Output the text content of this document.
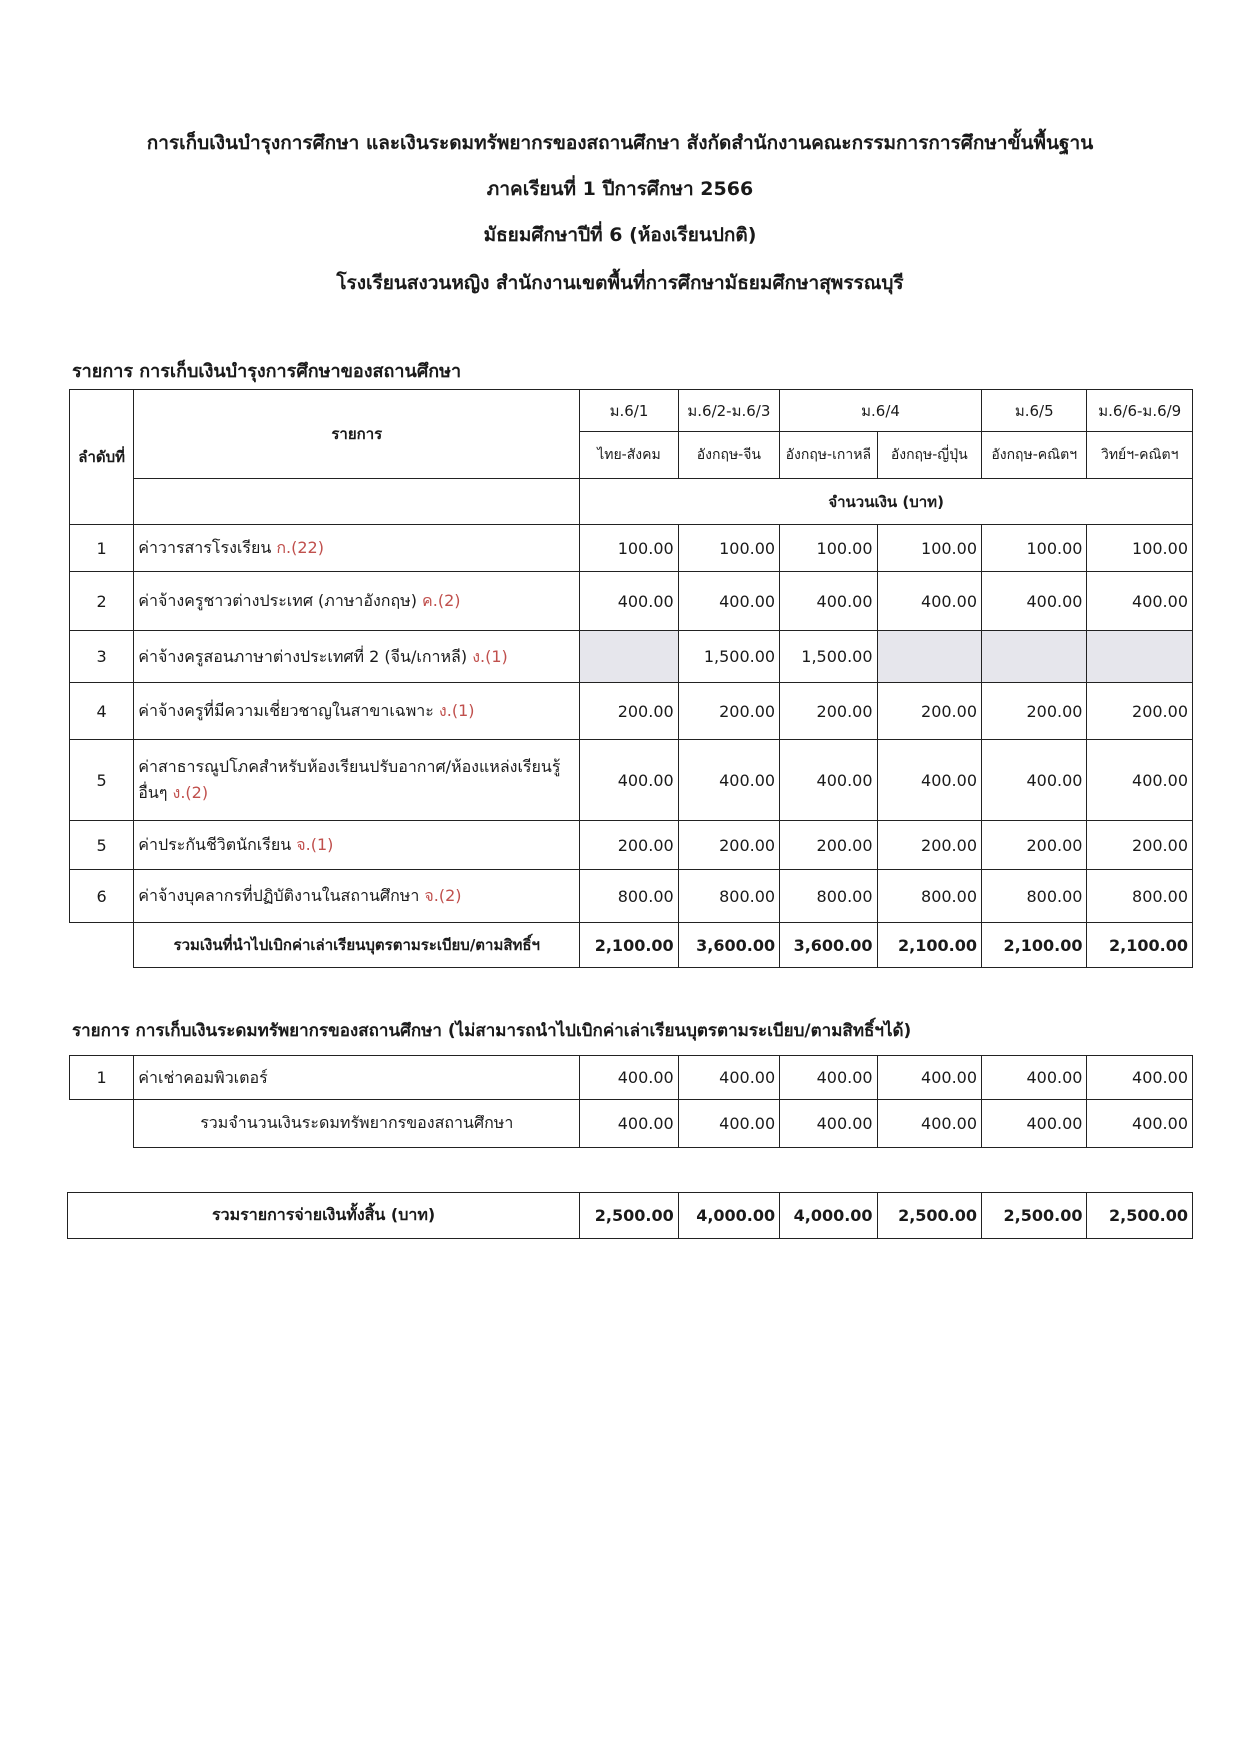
การเก็บเงินบำรุงการศึกษา และเงินระดมทรัพยากรของสถานศึกษา สังกัดสำนักงานคณะกรรมการการศึกษาขั้นพื้นฐาน
ภาคเรียนที่ 1 ปีการศึกษา 2566
มัธยมศึกษาปีที่ 6 (ห้องเรียนปกติ)
โรงเรียนสงวนหญิง สำนักงานเขตพื้นที่การศึกษามัธยมศึกษาสุพรรณบุรี
รายการ การเก็บเงินบำรุงการศึกษาของสถานศึกษา
ลำดับที่	รายการ	ม.6/1	ม.6/2-ม.6/3	ม.6/4		ม.6/5	ม.6/6-ม.6/9
		ไทย-สังคม	อังกฤษ-จีน	อังกฤษ-เกาหลี	อังกฤษ-ญี่ปุ่น	อังกฤษ-คณิตฯ	วิทย์ฯ-คณิตฯ
		จำนวนเงิน (บาท)					
1	ค่าวารสารโรงเรียน ก.(22)	100.00	100.00	100.00	100.00	100.00	100.00
2	ค่าจ้างครูชาวต่างประเทศ (ภาษาอังกฤษ) ค.(2)	400.00	400.00	400.00	400.00	400.00	400.00
3	ค่าจ้างครูสอนภาษาต่างประเทศที่ 2 (จีน/เกาหลี) ง.(1)		1,500.00	1,500.00			
4	ค่าจ้างครูที่มีความเชี่ยวชาญในสาขาเฉพาะ ง.(1)	200.00	200.00	200.00	200.00	200.00	200.00
5	ค่าสาธารณูปโภคสำหรับห้องเรียนปรับอากาศ/ห้องแหล่งเรียนรู้อื่นๆ ง.(2)	400.00	400.00	400.00	400.00	400.00	400.00
5	ค่าประกันชีวิตนักเรียน จ.(1)	200.00	200.00	200.00	200.00	200.00	200.00
6	ค่าจ้างบุคลากรที่ปฏิบัติงานในสถานศึกษา จ.(2)	800.00	800.00	800.00	800.00	800.00	800.00
	รวมเงินที่นำไปเบิกค่าเล่าเรียนบุตรตามระเบียบ/ตามสิทธิ์ฯ	2,100.00	3,600.00	3,600.00	2,100.00	2,100.00	2,100.00
รายการ การเก็บเงินระดมทรัพยากรของสถานศึกษา (ไม่สามารถนำไปเบิกค่าเล่าเรียนบุตรตามระเบียบ/ตามสิทธิ์ฯได้)
1	ค่าเช่าคอมพิวเตอร์	400.00	400.00	400.00	400.00	400.00	400.00
	รวมจำนวนเงินระดมทรัพยากรของสถานศึกษา	400.00	400.00	400.00	400.00	400.00	400.00
รวมรายการจ่ายเงินทั้งสิ้น (บาท)	2,500.00	4,000.00	4,000.00	2,500.00	2,500.00	2,500.00
